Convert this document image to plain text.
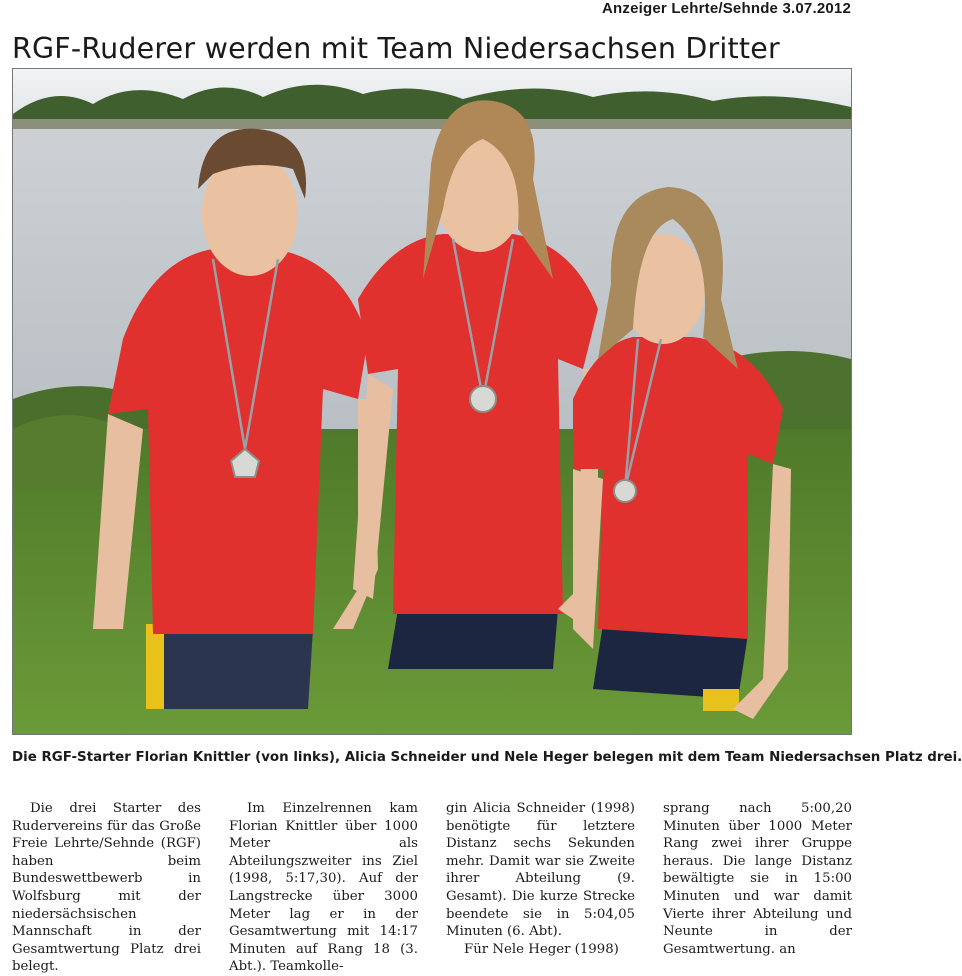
Anzeiger Lehrte/Sehnde 3.07.2012
RGF-Ruderer werden mit Team Niedersachsen Dritter
Die RGF-Starter Florian Knittler (von links), Alicia Schneider und Nele Heger belegen mit dem Team Niedersachsen Platz drei.

Die drei Starter des Rudervereins für das Große Freie Lehrte/Sehnde (RGF) haben beim Bundeswettbewerb in Wolfsburg mit der niedersächsischen Mannschaft in der Gesamtwertung Platz drei belegt.

Im Einzelrennen kam Florian Knittler über 1000 Meter als Abteilungszweiter ins Ziel (1998, 5:17,30). Auf der Langstrecke über 3000 Meter lag er in der Gesamtwertung mit 14:17 Minuten auf Rang 18 (3. Abt.). Teamkolle-

gin Alicia Schneider (1998) benötigte für letztere Distanz sechs Sekunden mehr. Damit war sie Zweite ihrer Abteilung (9. Gesamt). Die kurze Strecke beendete sie in 5:04,05 Minuten (6. Abt).

Für Nele Heger (1998)

sprang nach 5:00,20 Minuten über 1000 Meter Rang zwei ihrer Gruppe heraus. Die lange Distanz bewältigte sie in 15:00 Minuten und war damit Vierte ihrer Abteilung und Neunte in der Gesamtwertung. an
